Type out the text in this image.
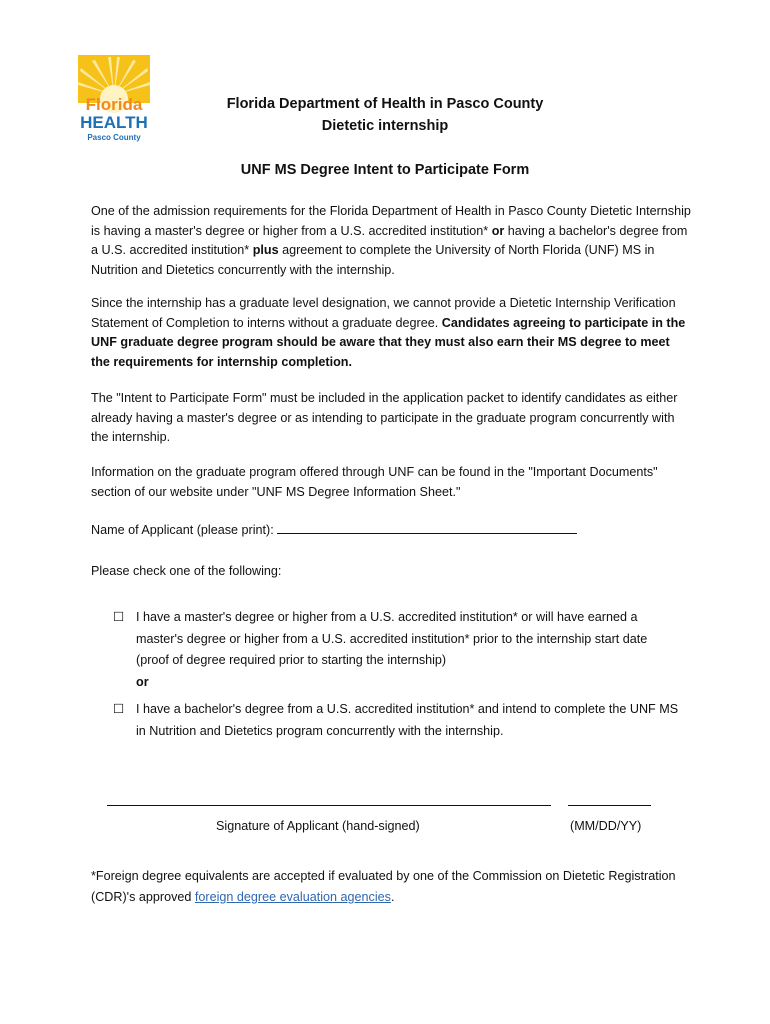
Florida
HEALTH
Pasco County
Florida Department of Health in Pasco County
Dietetic internship
UNF MS Degree Intent to Participate Form
One of the admission requirements for the Florida Department of Health in Pasco County Dietetic Internship is having a master's degree or higher from a U.S. accredited institution* or having a bachelor's degree from a U.S. accredited institution* plus agreement to complete the University of North Florida (UNF) MS in Nutrition and Dietetics concurrently with the internship.
Since the internship has a graduate level designation, we cannot provide a Dietetic Internship Verification Statement of Completion to interns without a graduate degree. Candidates agreeing to participate in the UNF graduate degree program should be aware that they must also earn their MS degree to meet the requirements for internship completion.
The "Intent to Participate Form" must be included in the application packet to identify candidates as either already having a master's degree or as intending to participate in the graduate program concurrently with the internship.
Information on the graduate program offered through UNF can be found in the "Important Documents" section of our website under "UNF MS Degree Information Sheet."
Name of Applicant (please print):
Please check one of the following:
☐ I have a master's degree or higher from a U.S. accredited institution* or will have earned a master's degree or higher from a U.S. accredited institution* prior to the internship start date (proof of degree required prior to starting the internship)
or
☐ I have a bachelor's degree from a U.S. accredited institution* and intend to complete the UNF MS in Nutrition and Dietetics program concurrently with the internship.
Signature of Applicant (hand-signed)	(MM/DD/YY)
*Foreign degree equivalents are accepted if evaluated by one of the Commission on Dietetic Registration (CDR)'s approved foreign degree evaluation agencies.
